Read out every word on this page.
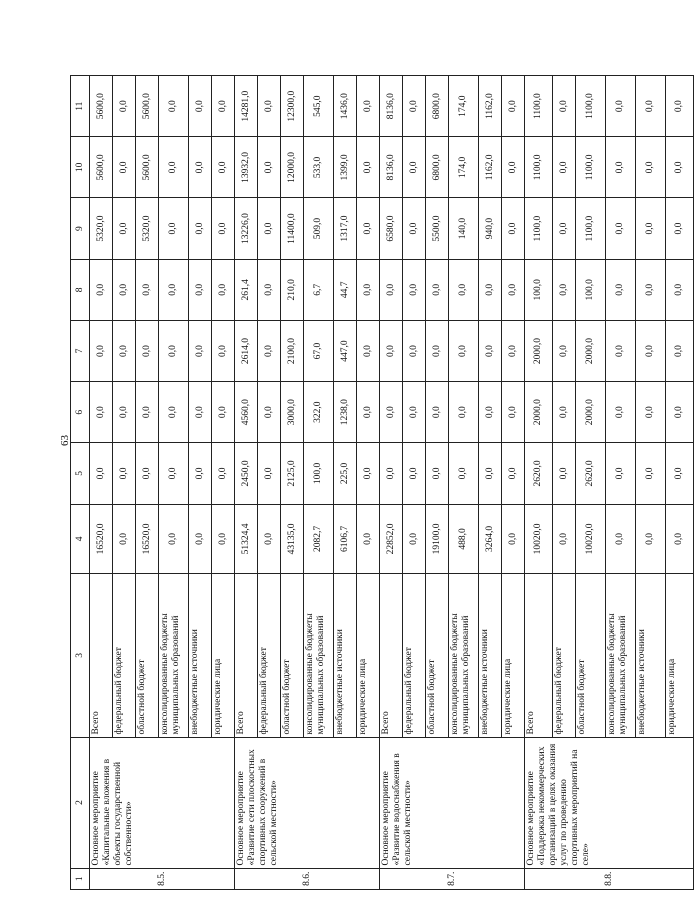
63
1	2	3	4	5	6	7	8	9	10	11
8.5.	Основное мероприятие «Капитальные вложения в объекты государственной собственности»	Всего	16520,0	0,0	0,0	0,0	0,0	5320,0	5600,0	5600,0
		федеральный бюджет	0,0	0,0	0,0	0,0	0,0	0,0	0,0	0,0
		областной бюджет	16520,0	0,0	0,0	0,0	0,0	5320,0	5600,0	5600,0
		консолидированные бюджеты муниципальных образований	0,0	0,0	0,0	0,0	0,0	0,0	0,0	0,0
		внебюджетные источники	0,0	0,0	0,0	0,0	0,0	0,0	0,0	0,0
		юридические лица	0,0	0,0	0,0	0,0	0,0	0,0	0,0	0,0
8.6.	Основное мероприятие «Развитие сети плоскостных спортивных сооружений в сельской местности»	Всего	51324,4	2450,0	4560,0	2614,0	261,4	13226,0	13932,0	14281,0
		федеральный бюджет	0,0	0,0	0,0	0,0	0,0	0,0	0,0	0,0
		областной бюджет	43135,0	2125,0	3000,0	2100,0	210,0	11400,0	12000,0	12300,0
		консолидированные бюджеты муниципальных образований	2082,7	100,0	322,0	67,0	6,7	509,0	533,0	545,0
		внебюджетные источники	6106,7	225,0	1238,0	447,0	44,7	1317,0	1399,0	1436,0
		юридические лица	0,0	0,0	0,0	0,0	0,0	0,0	0,0	0,0
8.7.	Основное мероприятие «Развитие водоснабжения в сельской местности»	Всего	22852,0	0,0	0,0	0,0	0,0	6580,0	8136,0	8136,0
		федеральный бюджет	0,0	0,0	0,0	0,0	0,0	0,0	0,0	0,0
		областной бюджет	19100,0	0,0	0,0	0,0	0,0	5500,0	6800,0	6800,0
		консолидированные бюджеты муниципальных образований	488,0	0,0	0,0	0,0	0,0	140,0	174,0	174,0
		внебюджетные источники	3264,0	0,0	0,0	0,0	0,0	940,0	1162,0	1162,0
		юридические лица	0,0	0,0	0,0	0,0	0,0	0,0	0,0	0,0
8.8.	Основное мероприятие «Поддержка некоммерческих организаций в целях оказания услуг по проведению спортивных мероприятий на селе»	Всего	10020,0	2620,0	2000,0	2000,0	100,0	1100,0	1100,0	1100,0
		федеральный бюджет	0,0	0,0	0,0	0,0	0,0	0,0	0,0	0,0
		областной бюджет	10020,0	2620,0	2000,0	2000,0	100,0	1100,0	1100,0	1100,0
		консолидированные бюджеты муниципальных образований	0,0	0,0	0,0	0,0	0,0	0,0	0,0	0,0
		внебюджетные источники	0,0	0,0	0,0	0,0	0,0	0,0	0,0	0,0
		юридические лица	0,0	0,0	0,0	0,0	0,0	0,0	0,0	0,0
